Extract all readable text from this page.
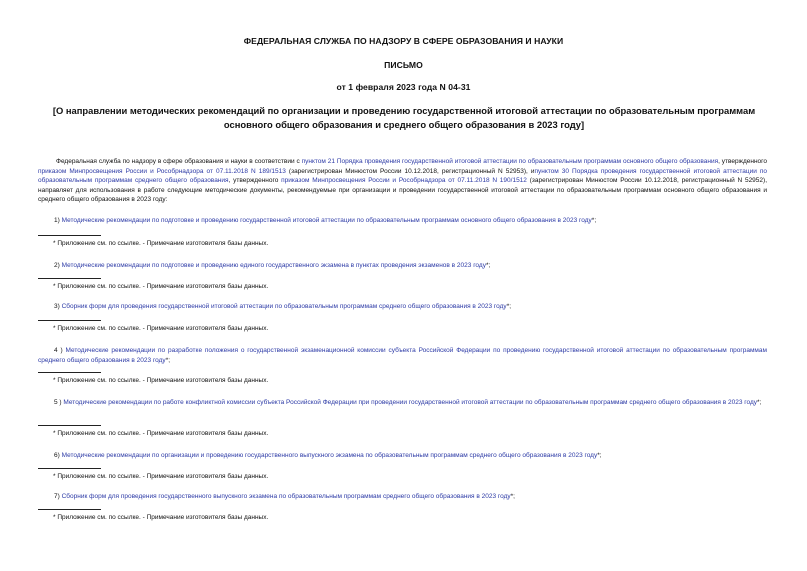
ФЕДЕРАЛЬНАЯ СЛУЖБА ПО НАДЗОРУ В СФЕРЕ ОБРАЗОВАНИЯ И НАУКИ
ПИСЬМО
от 1 февраля 2023 года N 04-31
[О направлении методических рекомендаций по организации и проведению государственной итоговой аттестации по образовательным программам основного общего образования и среднего общего образования в 2023 году]
Федеральная служба по надзору в сфере образования и науки в соответствии с пунктом 21 Порядка проведения государственной итоговой аттестации по образовательным программам основного общего образования, утвержденного приказом Минпросвещения России и Рособрнадзора от 07.11.2018 N 189/1513 (зарегистрирован Минюстом России 10.12.2018, регистрационный N 52953), ипунктом 30 Порядка проведения государственной итоговой аттестации по образовательным программам среднего общего образования, утвержденного приказом Минпросвещения России и Рособрнадзора от 07.11.2018 N 190/1512 (зарегистрирован Минюстом России 10.12.2018, регистрационный N 52952), направляет для использования в работе следующие методические документы, рекомендуемые при организации и проведении государственной итоговой аттестации по образовательным программам основного общего образования и среднего общего образования в 2023 году:
1) Методические рекомендации по подготовке и проведению государственной итоговой аттестации по образовательным программам основного общего образования в 2023 году*;
* Приложение см. по ссылке. - Примечание изготовителя базы данных.
2) Методические рекомендации по подготовке и проведению единого государственного экзамена в пунктах проведения экзаменов в 2023 году*;
* Приложение см. по ссылке. - Примечание изготовителя базы данных.
3) Сборник форм для проведения государственной итоговой аттестации по образовательным программам среднего общего образования в 2023 году*;
* Приложение см. по ссылке. - Примечание изготовителя базы данных.
4 ) Методические рекомендации по разработке положения о государственной экзаменационной комиссии субъекта Российской Федерации по проведению государственной итоговой аттестации по образовательным программам среднего общего образования в 2023 году*;
* Приложение см. по ссылке. - Примечание изготовителя базы данных.
5 ) Методические рекомендации по работе конфликтной комиссии субъекта Российской Федерации при проведении государственной итоговой аттестации по образовательным программам среднего общего образования в 2023 году*;
* Приложение см. по ссылке. - Примечание изготовителя базы данных.
6) Методические рекомендации по организации и проведению государственного выпускного экзамена по образовательным программам среднего общего образования в 2023 году*;
* Приложение см. по ссылке. - Примечание изготовителя базы данных.
7) Сборник форм для проведения государственного выпускного экзамена по образовательным программам среднего общего образования в 2023 году*;
* Приложение см. по ссылке. - Примечание изготовителя базы данных.
